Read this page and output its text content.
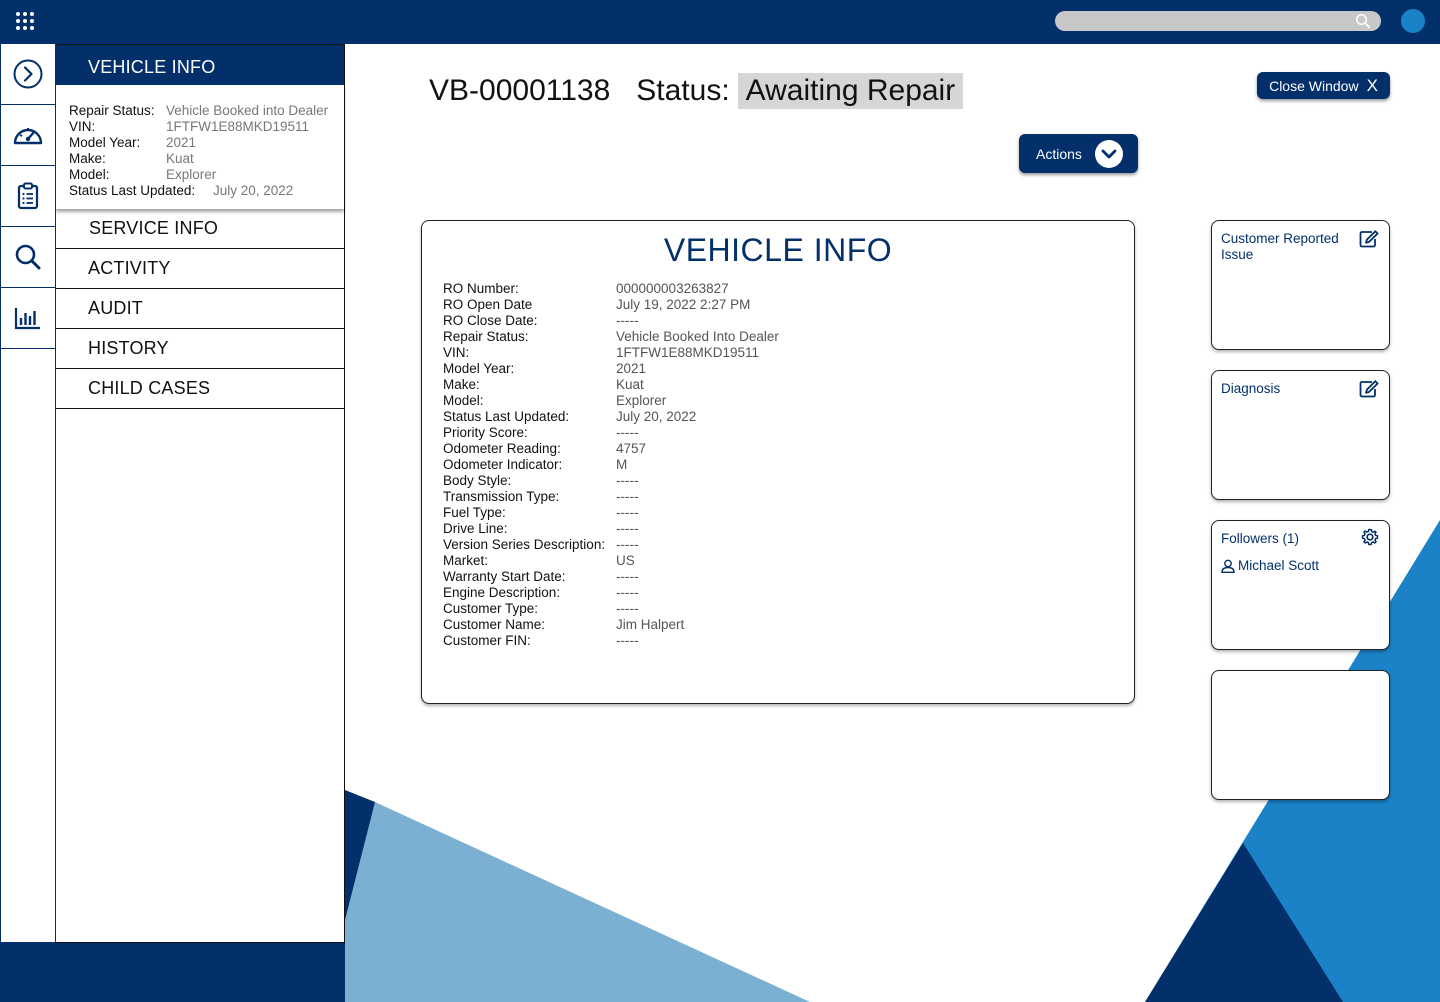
VEHICLE INFO
Repair Status: Vehicle Booked into Dealer
VIN:	1FTFW1E88MKD19511
Model Year:	2021
Make:	Kuat
Model:	Explorer
Status Last Updated:	July 20, 2022
SERVICE INFO
ACTIVITY
AUDIT
HISTORY
CHILD CASES
VB-00001138 Status: Awaiting Repair	Close Window X
Actions
VEHICLE INFO
RO Number:	000000003263827
RO Open Date	July 19, 2022 2:27 PM
RO Close Date:	-----
Repair Status:	Vehicle Booked Into Dealer
VIN:	1FTFW1E88MKD19511
Model Year:	2021
Make:	Kuat
Model:	Explorer
Status Last Updated:	July 20, 2022
Priority Score:	-----
Odometer Reading:	4757
Odometer Indicator:	M
Body Style:	-----
Transmission Type:	-----
Fuel Type:	-----
Drive Line:	-----
Version Series Description: -----
Market:	US
Warranty Start Date:	-----
Engine Description:	-----
Customer Type:	-----
Customer Name:	Jim Halpert
Customer FIN:	-----
Customer Reported Issue
Diagnosis
Followers (1)
Michael Scott
